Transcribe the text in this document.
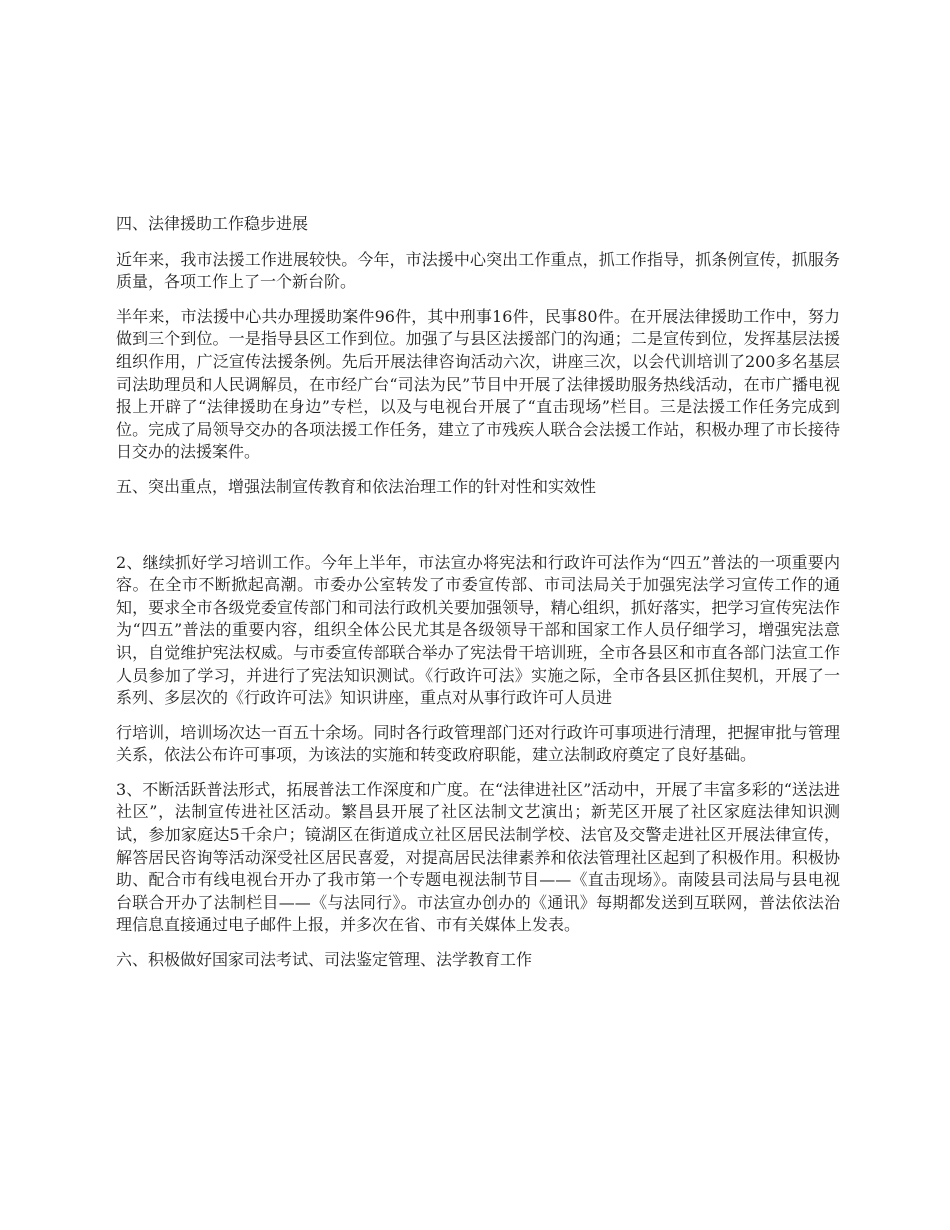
四、法律援助工作稳步进展

近年来，我市法援工作进展较快。今年，市法援中心突出工作重点，抓工作指导，抓条例宣传，抓服务质量，各项工作上了一个新台阶。

半年来，市法援中心共办理援助案件96件，其中刑事16件，民事80件。在开展法律援助工作中，努力做到三个到位。一是指导县区工作到位。加强了与县区法援部门的沟通；二是宣传到位，发挥基层法援组织作用，广泛宣传法援条例。先后开展法律咨询活动六次，讲座三次，以会代训培训了200多名基层司法助理员和人民调解员，在市经广台“司法为民”节目中开展了法律援助服务热线活动，在市广播电视报上开辟了“法律援助在身边”专栏，以及与电视台开展了“直击现场”栏目。三是法援工作任务完成到位。完成了局领导交办的各项法援工作任务，建立了市残疾人联合会法援工作站，积极办理了市长接待日交办的法援案件。

五、突出重点，增强法制宣传教育和依法治理工作的针对性和实效性

2、继续抓好学习培训工作。今年上半年，市法宣办将宪法和行政许可法作为“四五”普法的一项重要内容。在全市不断掀起高潮。市委办公室转发了市委宣传部、市司法局关于加强宪法学习宣传工作的通知，要求全市各级党委宣传部门和司法行政机关要加强领导，精心组织，抓好落实，把学习宣传宪法作为“四五”普法的重要内容，组织全体公民尤其是各级领导干部和国家工作人员仔细学习，增强宪法意识，自觉维护宪法权威。与市委宣传部联合举办了宪法骨干培训班，全市各县区和市直各部门法宣工作人员参加了学习，并进行了宪法知识测试。《行政许可法》实施之际，全市各县区抓住契机，开展了一系列、多层次的《行政许可法》知识讲座，重点对从事行政许可人员进

行培训，培训场次达一百五十余场。同时各行政管理部门还对行政许可事项进行清理，把握审批与管理关系，依法公布许可事项，为该法的实施和转变政府职能，建立法制政府奠定了良好基础。

3、不断活跃普法形式，拓展普法工作深度和广度。在“法律进社区”活动中，开展了丰富多彩的“送法进社区”，法制宣传进社区活动。繁昌县开展了社区法制文艺演出；新芜区开展了社区家庭法律知识测试，参加家庭达5千余户；镜湖区在街道成立社区居民法制学校、法官及交警走进社区开展法律宣传，解答居民咨询等活动深受社区居民喜爱，对提高居民法律素养和依法管理社区起到了积极作用。积极协助、配合市有线电视台开办了我市第一个专题电视法制节目——《直击现场》。南陵县司法局与县电视台联合开办了法制栏目——《与法同行》。市法宣办创办的《通讯》每期都发送到互联网，普法依法治理信息直接通过电子邮件上报，并多次在省、市有关媒体上发表。

六、积极做好国家司法考试、司法鉴定管理、法学教育工作
